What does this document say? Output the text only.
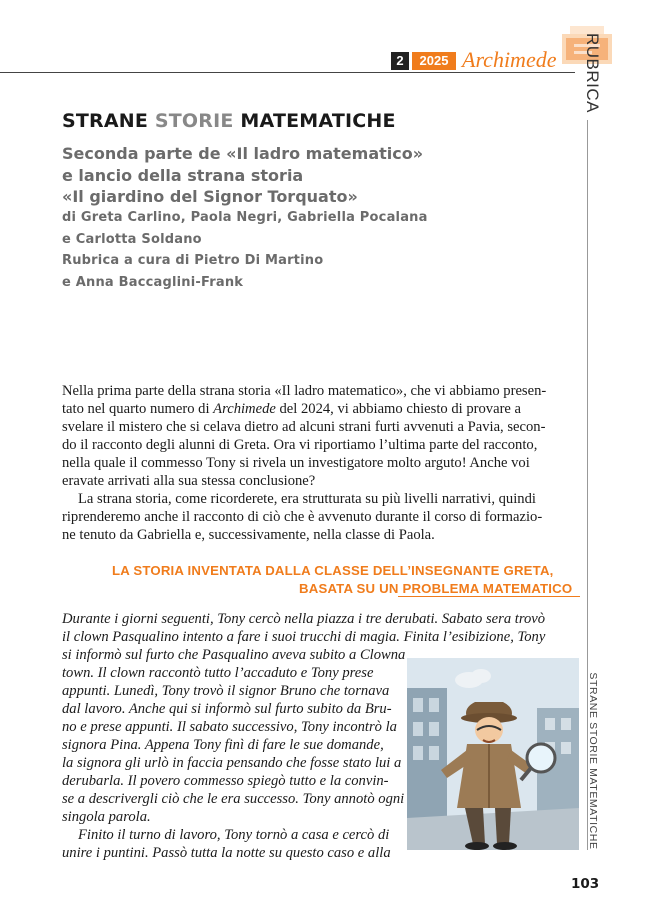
2	2025 Archimede RUBRICA
STRANE STORIE MATEMATICHE
STRANE STORIE MATEMATICHE
Seconda parte de «Il ladro matematico»
e lancio della strana storia
«Il giardino del Signor Torquato»
di Greta Carlino, Paola Negri, Gabriella Pocalana
e Carlotta Soldano
Rubrica a cura di Pietro Di Martino
e Anna Baccaglini-Frank
Nella prima parte della strana storia «Il ladro matematico», che vi abbiamo presen-
tato nel quarto numero di Archimede del 2024, vi abbiamo chiesto di provare a
svelare il mistero che si celava dietro ad alcuni strani furti avvenuti a Pavia, secon-
do il racconto degli alunni di Greta. Ora vi riportiamo l’ultima parte del racconto,
nella quale il commesso Tony si rivela un investigatore molto arguto! Anche voi
eravate arrivati alla sua stessa conclusione?
La strana storia, come ricorderete, era strutturata su più livelli narrativi, quindi
riprenderemo anche il racconto di ciò che è avvenuto durante il corso di formazio-
ne tenuto da Gabriella e, successivamente, nella classe di Paola.
LA STORIA INVENTATA DALLA CLASSE DELL’INSEGNANTE GRETA,
BASATA SU UN PROBLEMA MATEMATICO
Durante i giorni seguenti, Tony cercò nella piazza i tre derubati. Sabato sera trovò
il clown Pasqualino intento a fare i suoi trucchi di magia. Finita l’esibizione, Tony
si informò sul furto che Pasqualino aveva subito a Clowna
town. Il clown raccontò tutto l’accaduto e Tony prese
appunti. Lunedì, Tony trovò il signor Bruno che tornava
dal lavoro. Anche qui si informò sul furto subito da Bru-
no e prese appunti. Il sabato successivo, Tony incontrò la
signora Pina. Appena Tony finì di fare le sue domande,
la signora gli urlò in faccia pensando che fosse stato lui a
derubarla. Il povero commesso spiegò tutto e la convin-
se a descrivergli ciò che le era successo. Tony annotò ogni
singola parola.
Finito il turno di lavoro, Tony tornò a casa e cercò di
unire i puntini. Passò tutta la notte su questo caso e alla
103
